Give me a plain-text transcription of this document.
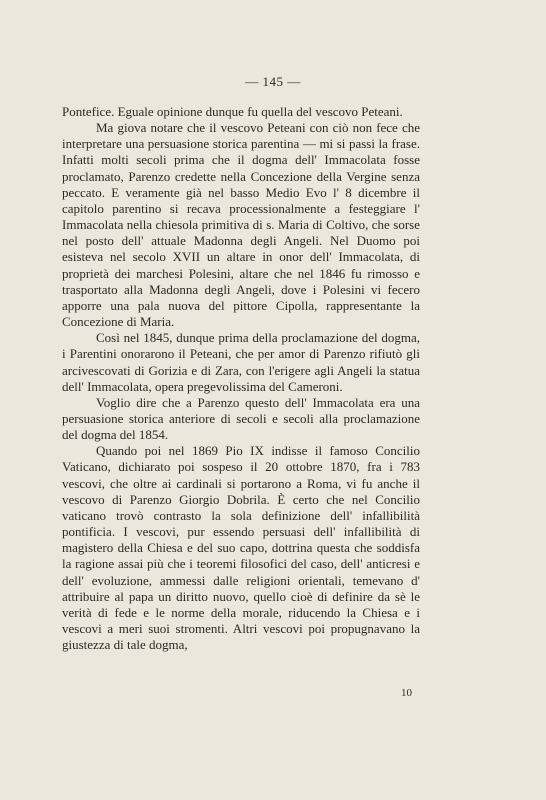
— 145 —

Pontefice. Eguale opinione dunque fu quella del vescovo Peteani.

Ma giova notare che il vescovo Peteani con ciò non fece che interpretare una persuasione storica parentina — mi si passi la frase. Infatti molti secoli prima che il dogma dell' Immacolata fosse proclamato, Parenzo credette nella Concezione della Vergine senza peccato. E veramente già nel basso Medio Evo l' 8 dicembre il capitolo parentino si recava processionalmente a festeggiare l' Immacolata nella chiesola primitiva di s. Maria di Coltivo, che sorse nel posto dell' attuale Madonna degli Angeli. Nel Duomo poi esisteva nel secolo XVII un altare in onor dell' Immacolata, di proprietà dei marchesi Polesini, altare che nel 1846 fu rimosso e trasportato alla Madonna degli Angeli, dove i Polesini vi fecero apporre una pala nuova del pittore Cipolla, rappresentante la Concezione di Maria.

Così nel 1845, dunque prima della proclamazione del dogma, i Parentini onorarono il Peteani, che per amor di Parenzo rifiutò gli arcivescovati di Gorizia e di Zara, con l'erigere agli Angeli la statua dell' Immacolata, opera pregevolissima del Cameroni.

Voglio dire che a Parenzo questo dell' Immacolata era una persuasione storica anteriore di secoli e secoli alla proclamazione del dogma del 1854.

Quando poi nel 1869 Pio IX indisse il famoso Concilio Vaticano, dichiarato poi sospeso il 20 ottobre 1870, fra i 783 vescovi, che oltre ai cardinali si portarono a Roma, vi fu anche il vescovo di Parenzo Giorgio Dobrila. È certo che nel Concilio vaticano trovò contrasto la sola definizione dell' infallibilità pontificia. I vescovi, pur essendo persuasi dell' infallibilità di magistero della Chiesa e del suo capo, dottrina questa che soddisfa la ragione assai più che i teoremi filosofici del caso, dell' anticresi e dell' evoluzione, ammessi dalle religioni orientali, temevano d' attribuire al papa un diritto nuovo, quello cioè di definire da sè le verità di fede e le norme della morale, riducendo la Chiesa e i vescovi a meri suoi stromenti. Altri vescovi poi propugnavano la giustezza di tale dogma,

10
